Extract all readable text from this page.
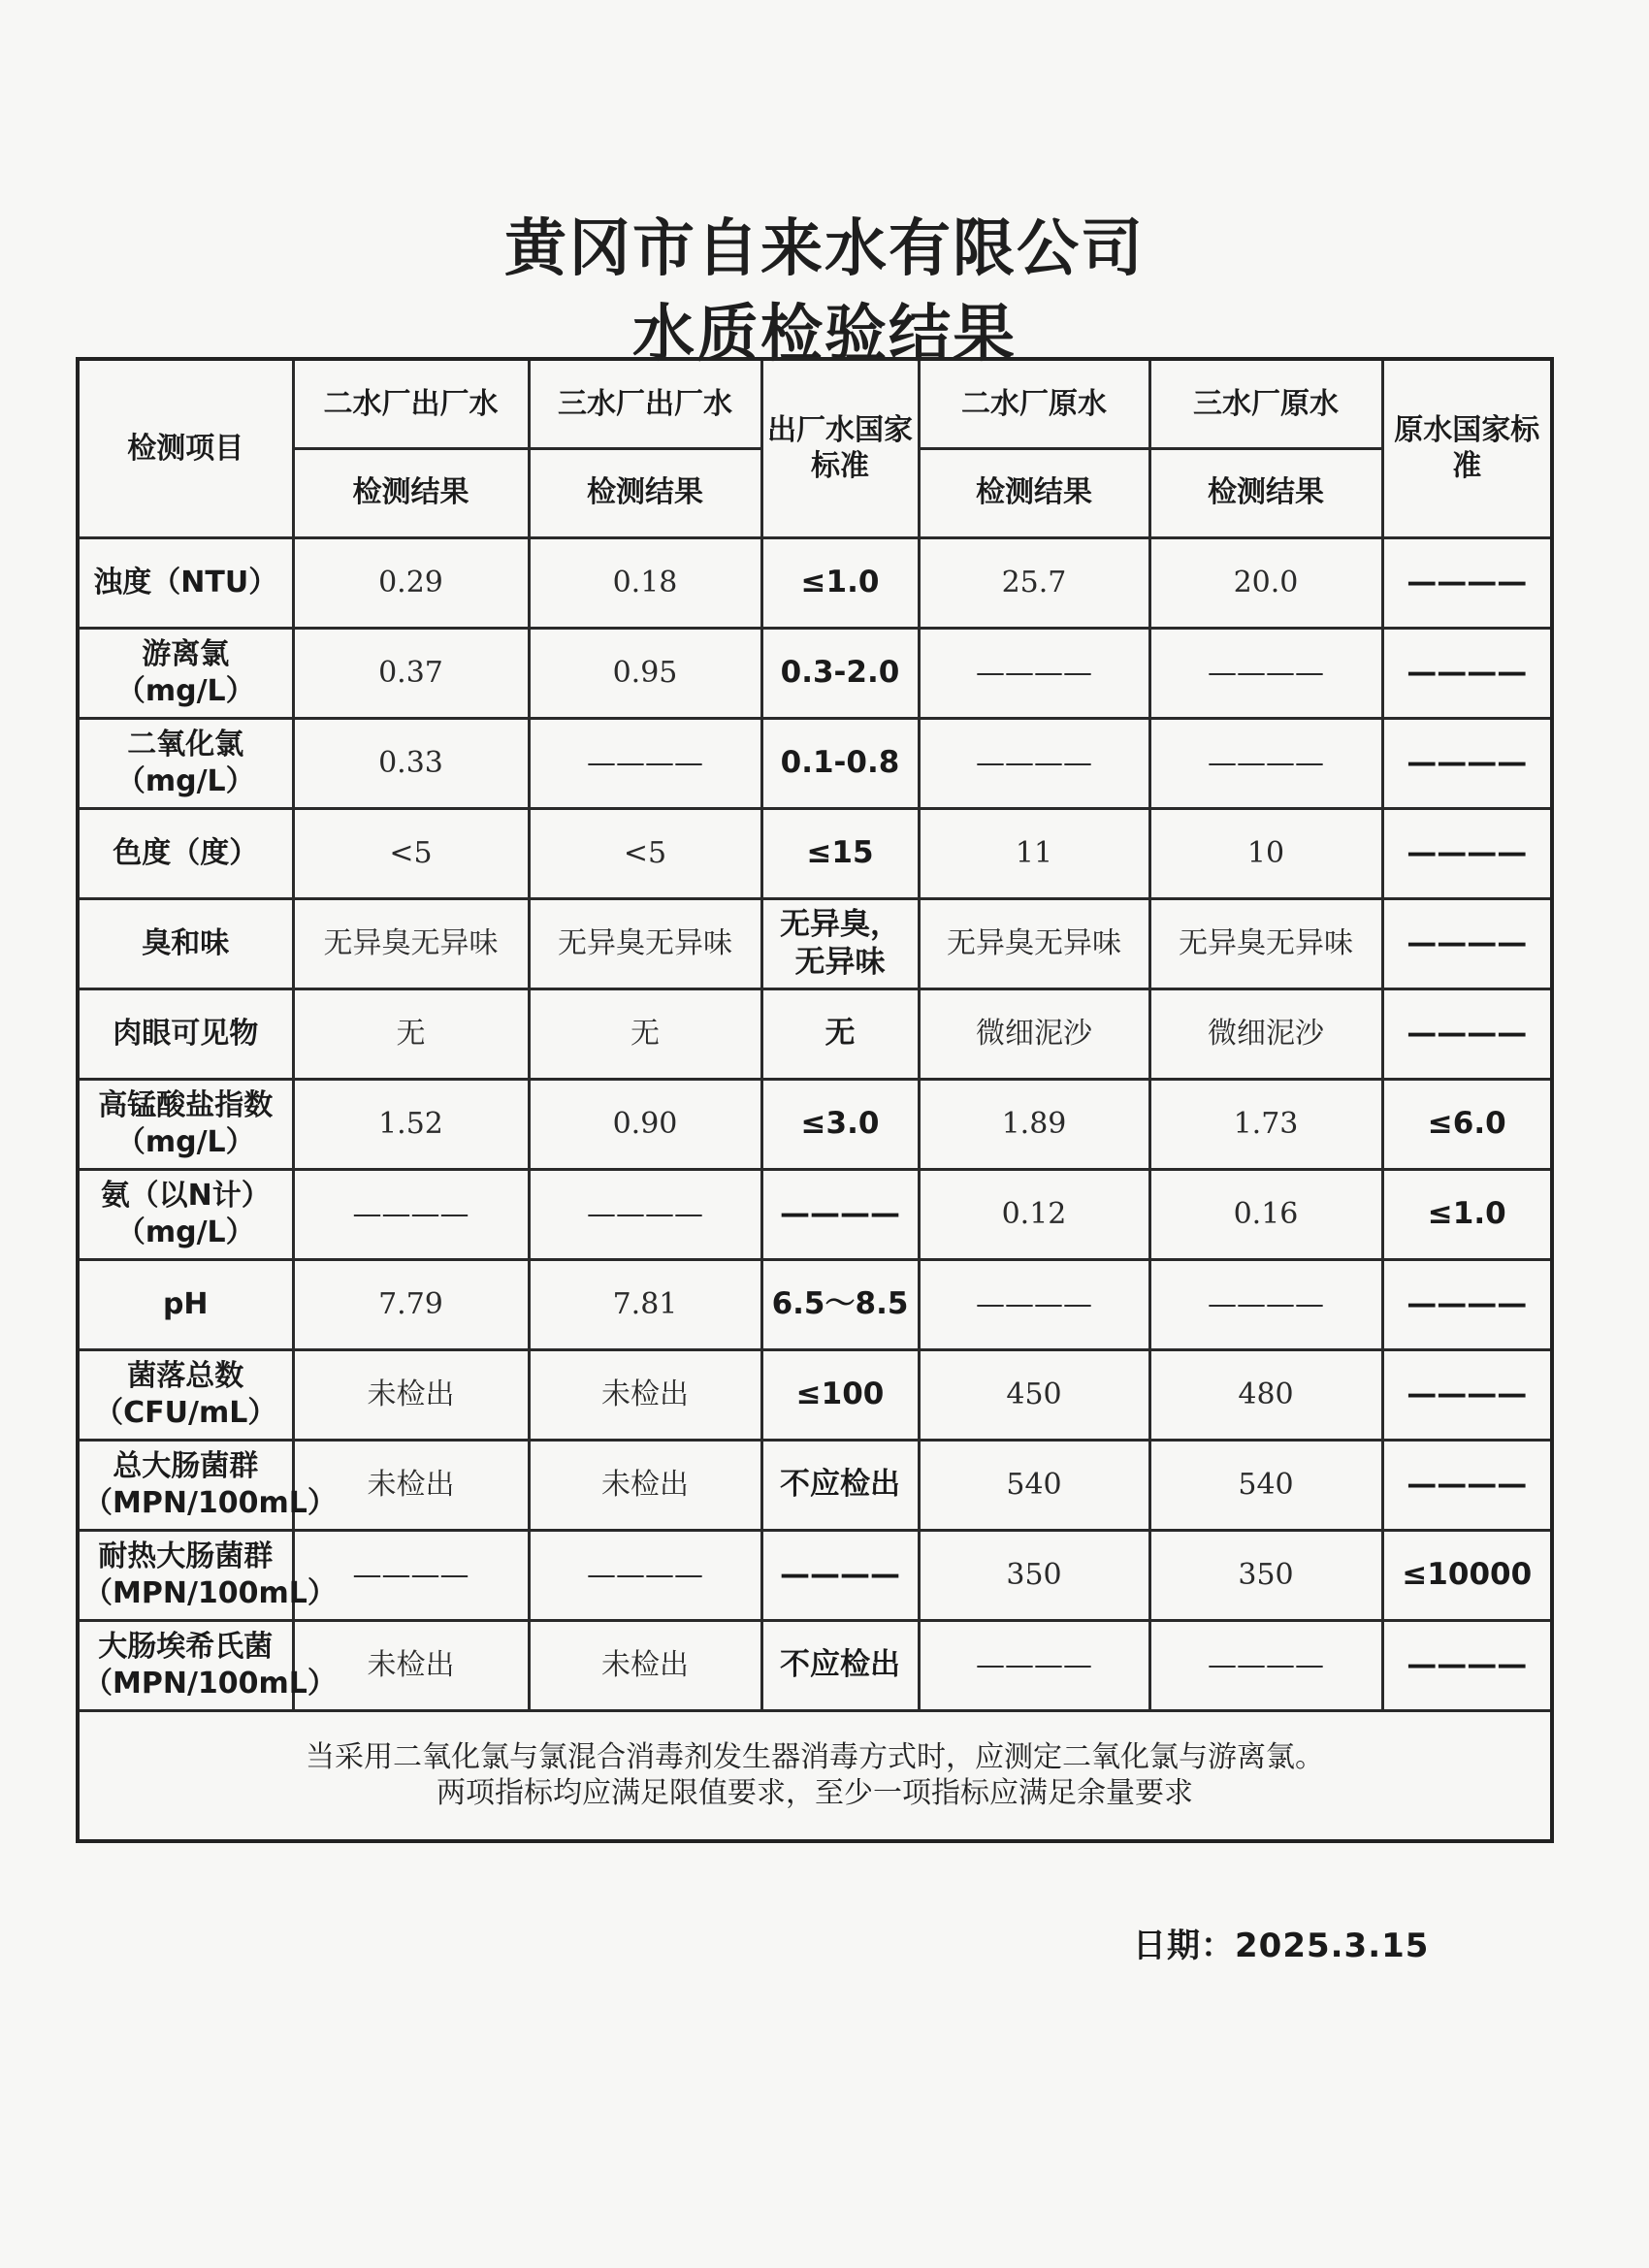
黄冈市自来水有限公司
水质检验结果
检测项目	二水厂出厂水	三水厂出厂水	出厂水国家标准	二水厂原水	三水厂原水	原水国家标准
	检测结果	检测结果		检测结果	检测结果	
浊度（NTU）	0.29	0.18	≤1.0	25.7	20.0	————
游离氯（mg/L）	0.37	0.95	0.3-2.0	————	————	————
二氧化氯（mg/L）	0.33	————	0.1-0.8	————	————	————
色度（度）	<5	<5	≤15	11	10	————
臭和味	无异臭无异味	无异臭无异味	无异臭，无异味	无异臭无异味	无异臭无异味	————
肉眼可见物	无	无	无	微细泥沙	微细泥沙	————
高锰酸盐指数（mg/L）	1.52	0.90	≤3.0	1.89	1.73	≤6.0
氨（以N计）（mg/L）	————	————	————	0.12	0.16	≤1.0
pH	7.79	7.81	6.5～8.5	————	————	————
菌落总数（CFU/mL）	未检出	未检出	≤100	450	480	————
总大肠菌群（MPN/100mL）	未检出	未检出	不应检出	540	540	————
耐热大肠菌群（MPN/100mL）	————	————	————	350	350	≤10000
大肠埃希氏菌（MPN/100mL）	未检出	未检出	不应检出	————	————	————

当采用二氧化氯与氯混合消毒剂发生器消毒方式时，应测定二氧化氯与游离氯。
两项指标均应满足限值要求，至少一项指标应满足余量要求						
日期：2025.3.15
